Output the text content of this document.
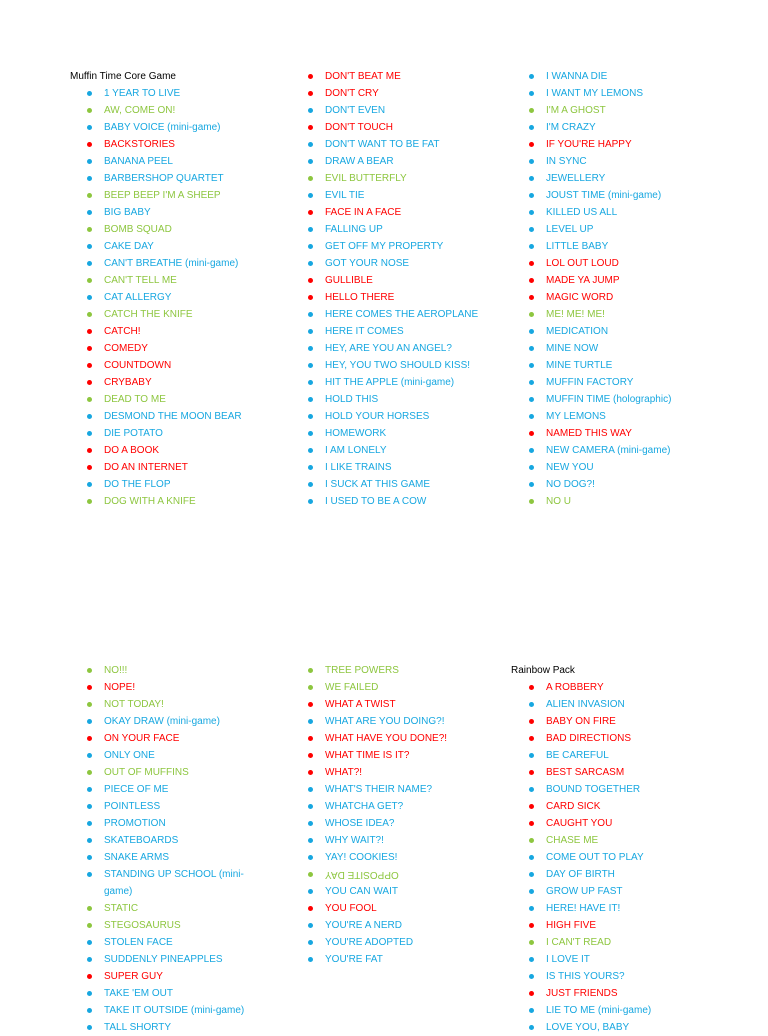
Muffin Time Core Game
1 YEAR TO LIVE
AW, COME ON!
BABY VOICE (mini-game)
BACKSTORIES
BANANA PEEL
BARBERSHOP QUARTET
BEEP BEEP I'M A SHEEP
BIG BABY
BOMB SQUAD
CAKE DAY
CAN'T BREATHE (mini-game)
CAN'T TELL ME
CAT ALLERGY
CATCH THE KNIFE
CATCH!
COMEDY
COUNTDOWN
CRYBABY
DEAD TO ME
DESMOND THE MOON BEAR
DIE POTATO
DO A BOOK
DO AN INTERNET
DO THE FLOP
DOG WITH A KNIFE
DON'T BEAT ME
DON'T CRY
DON'T EVEN
DON'T TOUCH
DON'T WANT TO BE FAT
DRAW A BEAR
EVIL BUTTERFLY
EVIL TIE
FACE IN A FACE
FALLING UP
GET OFF MY PROPERTY
GOT YOUR NOSE
GULLIBLE
HELLO THERE
HERE COMES THE AEROPLANE
HERE IT COMES
HEY, ARE YOU AN ANGEL?
HEY, YOU TWO SHOULD KISS!
HIT THE APPLE (mini-game)
HOLD THIS
HOLD YOUR HORSES
HOMEWORK
I AM LONELY
I LIKE TRAINS
I SUCK AT THIS GAME
I USED TO BE A COW
I WANNA DIE
I WANT MY LEMONS
I'M A GHOST
I'M CRAZY
IF YOU'RE HAPPY
IN SYNC
JEWELLERY
JOUST TIME (mini-game)
KILLED US ALL
LEVEL UP
LITTLE BABY
LOL OUT LOUD
MADE YA JUMP
MAGIC WORD
ME! ME! ME!
MEDICATION
MINE NOW
MINE TURTLE
MUFFIN FACTORY
MUFFIN TIME (holographic)
MY LEMONS
NAMED THIS WAY
NEW CAMERA (mini-game)
NEW YOU
NO DOG?!
NO U
NO!!!
NOPE!
NOT TODAY!
OKAY DRAW (mini-game)
ON YOUR FACE
ONLY ONE
OUT OF MUFFINS
PIECE OF ME
POINTLESS
PROMOTION
SKATEBOARDS
SNAKE ARMS
STANDING UP SCHOOL (mini-game)
STATIC
STEGOSAURUS
STOLEN FACE
SUDDENLY PINEAPPLES
SUPER GUY
TAKE 'EM OUT
TAKE IT OUTSIDE (mini-game)
TALL SHORTY
TREE POWERS
WE FAILED
WHAT A TWIST
WHAT ARE YOU DOING?!
WHAT HAVE YOU DONE?!
WHAT TIME IS IT?
WHAT?!
WHAT'S THEIR NAME?
WHATCHA GET?
WHOSE IDEA?
WHY WAIT?!
YAY! COOKIES!
OPPOSITE DAY
YOU CAN WAIT
YOU FOOL
YOU'RE A NERD
YOU'RE ADOPTED
YOU'RE FAT
Rainbow Pack
A ROBBERY
ALIEN INVASION
BABY ON FIRE
BAD DIRECTIONS
BE CAREFUL
BEST SARCASM
BOUND TOGETHER
CARD SICK
CAUGHT YOU
CHASE ME
COME OUT TO PLAY
DAY OF BIRTH
GROW UP FAST
HERE! HAVE IT!
HIGH FIVE
I CAN'T READ
I LOVE IT
IS THIS YOURS?
JUST FRIENDS
LIE TO ME (mini-game)
LOVE YOU, BABY
